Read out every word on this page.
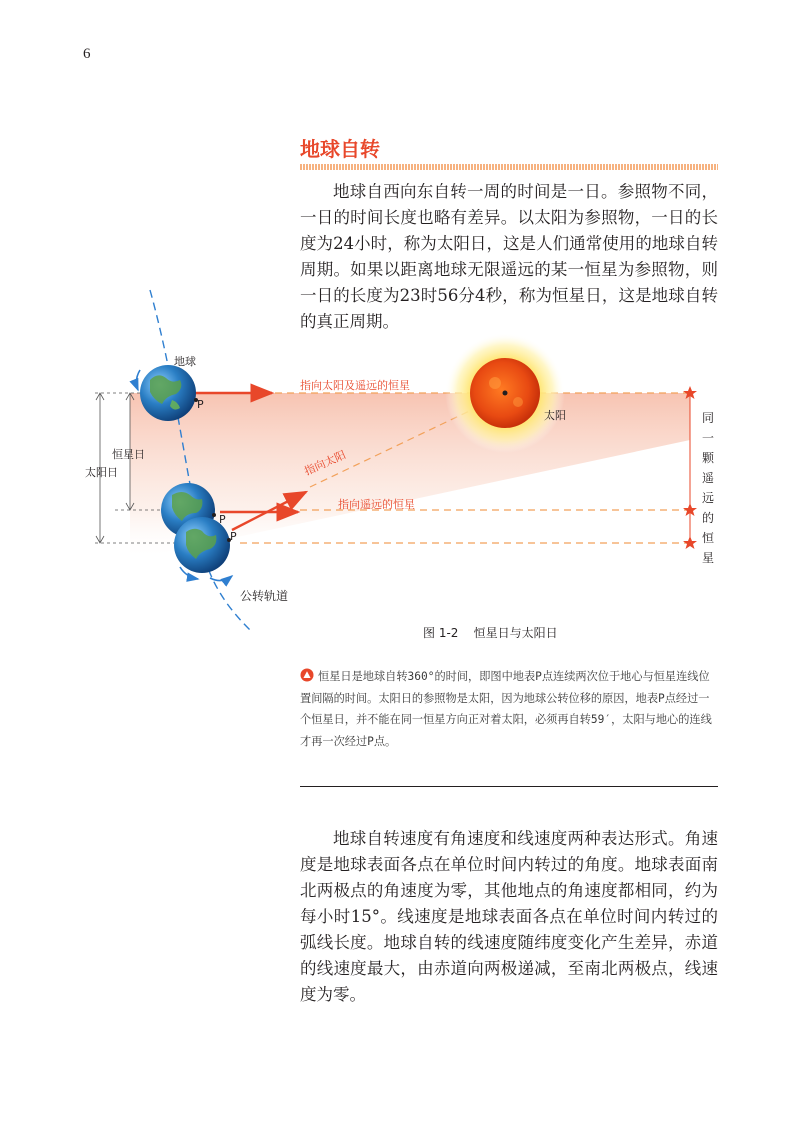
6
地球自转

地球自西向东自转一周的时间是一日。参照物不同，一日的时间长度也略有差异。以太阳为参照物，一日的长度为24小时，称为太阳日，这是人们通常使用的地球自转周期。如果以距离地球无限遥远的某一恒星为参照物，则一日的长度为23时56分4秒，称为恒星日，这是地球自转的真正周期。

地球
P
P
P
太阳
恒星日
太阳日
指向太阳及遥远的恒星
指向太阳
指向遥远的恒星
公转轨道
同一颗遥远的恒星
图 1-2    恒星日与太阳日
恒星日是地球自转360°的时间，即图中地表P点连续两次位于地心与恒星连线位置间隔的时间。太阳日的参照物是太阳，因为地球公转位移的原因，地表P点经过一个恒星日，并不能在同一恒星方向正对着太阳，必须再自转59′，太阳与地心的连线才再一次经过P点。

地球自转速度有角速度和线速度两种表达形式。角速度是地球表面各点在单位时间内转过的角度。地球表面南北两极点的角速度为零，其他地点的角速度都相同，约为每小时15°。线速度是地球表面各点在单位时间内转过的弧线长度。地球自转的线速度随纬度变化产生差异，赤道的线速度最大，由赤道向两极递减，至南北两极点，线速度为零。
